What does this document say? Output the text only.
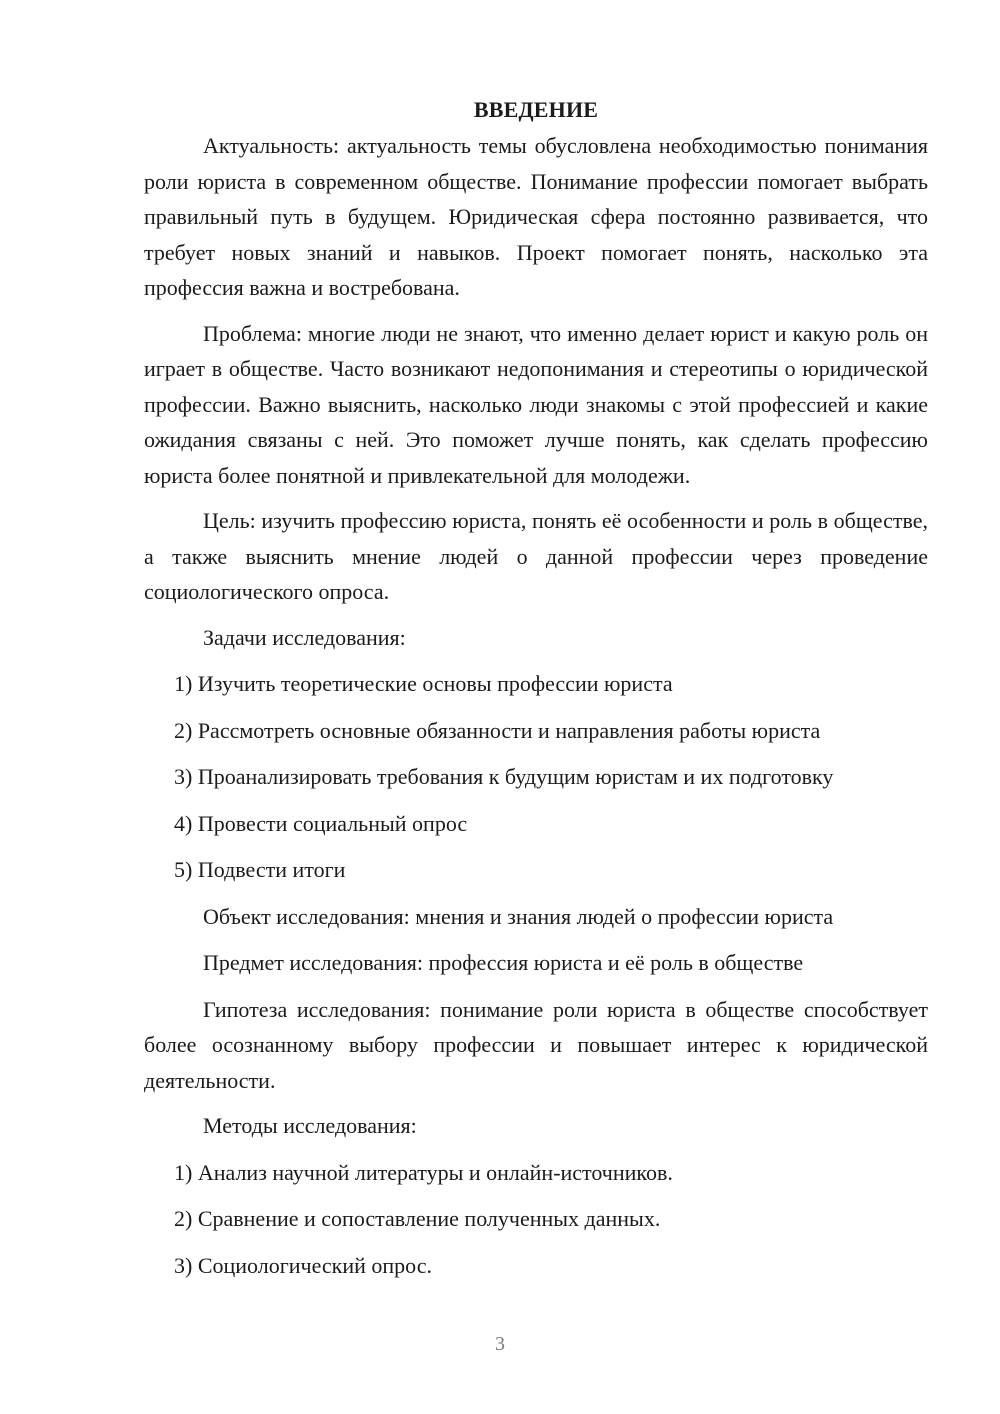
ВВЕДЕНИЕ

Актуальность: актуальность темы обусловлена необходимостью понимания роли юриста в современном обществе. Понимание профессии помогает выбрать правильный путь в будущем. Юридическая сфера постоянно развивается, что требует новых знаний и навыков. Проект помогает понять, насколько эта профессия важна и востребована.

Проблема: многие люди не знают, что именно делает юрист и какую роль он играет в обществе. Часто возникают недопонимания и стереотипы о юридической профессии. Важно выяснить, насколько люди знакомы с этой профессией и какие ожидания связаны с ней. Это поможет лучше понять, как сделать профессию юриста более понятной и привлекательной для молодежи.

Цель: изучить профессию юриста, понять её особенности и роль в обществе, а также выяснить мнение людей о данной профессии через проведение социологического опроса.

Задачи исследования:

1) Изучить теоретические основы профессии юриста

2) Рассмотреть основные обязанности и направления работы юриста

3) Проанализировать требования к будущим юристам и их подготовку

4) Провести социальный опрос

5) Подвести итоги

Объект исследования: мнения и знания людей о профессии юриста

Предмет исследования: профессия юриста и её роль в обществе

Гипотеза исследования: понимание роли юриста в обществе способствует более осознанному выбору профессии и повышает интерес к юридической деятельности.

Методы исследования:

1) Анализ научной литературы и онлайн-источников.

2) Сравнение и сопоставление полученных данных.

3) Социологический опрос.

3
